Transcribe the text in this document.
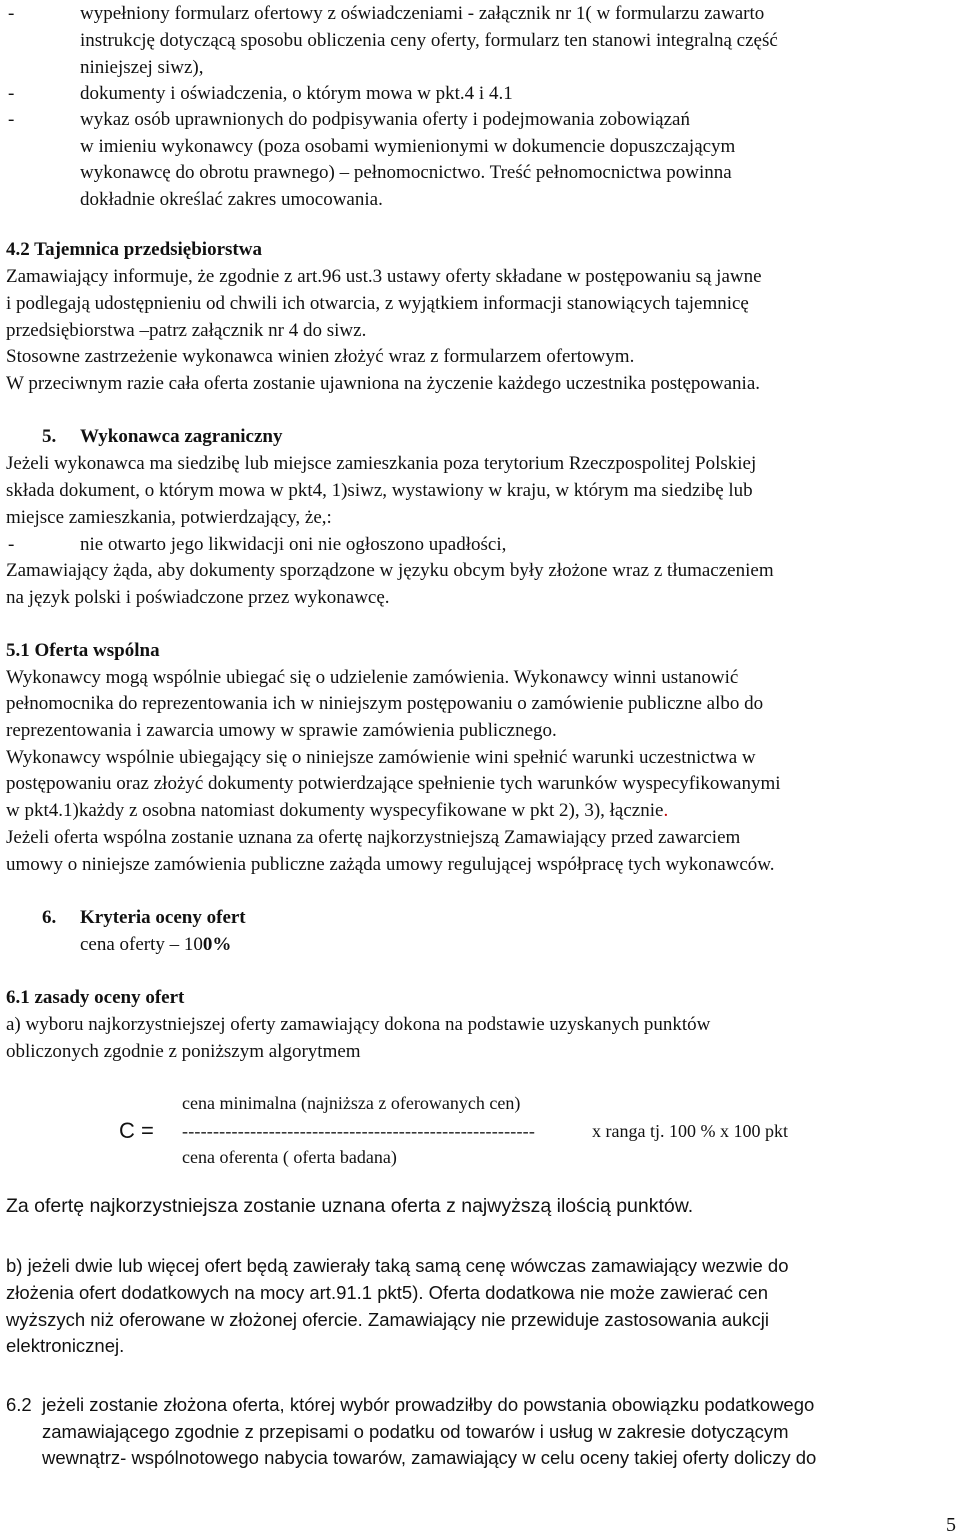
-	wypełniony formularz ofertowy z oświadczeniami - załącznik nr 1( w formularzu zawarto
instrukcję dotyczącą sposobu obliczenia ceny oferty, formularz ten stanowi integralną część
niniejszej siwz),
-	dokumenty i oświadczenia, o którym mowa w pkt.4 i 4.1
-	wykaz osób uprawnionych do podpisywania oferty i podejmowania zobowiązań
w imieniu wykonawcy (poza osobami wymienionymi w dokumencie dopuszczającym
wykonawcę do obrotu prawnego) – pełnomocnictwo. Treść pełnomocnictwa powinna
dokładnie określać zakres umocowania.
4.2 Tajemnica przedsiębiorstwa
Zamawiający informuje, że zgodnie z art.96 ust.3 ustawy oferty składane w postępowaniu są jawne
i podlegają udostępnieniu od chwili ich otwarcia, z wyjątkiem informacji stanowiących tajemnicę
przedsiębiorstwa –patrz załącznik nr 4 do siwz.
Stosowne zastrzeżenie wykonawca winien złożyć wraz z formularzem ofertowym.
W przeciwnym razie cała oferta zostanie ujawniona na życzenie każdego uczestnika postępowania.
5. Wykonawca zagraniczny
Jeżeli wykonawca ma siedzibę lub miejsce zamieszkania poza terytorium Rzeczpospolitej Polskiej
składa dokument, o którym mowa w pkt4, 1)siwz, wystawiony w kraju, w którym ma siedzibę lub
miejsce zamieszkania, potwierdzający, że,:
-	nie otwarto jego likwidacji oni nie ogłoszono upadłości,
Zamawiający żąda, aby dokumenty sporządzone w języku obcym były złożone wraz z tłumaczeniem
na język polski i poświadczone przez wykonawcę.
5.1 Oferta wspólna
Wykonawcy mogą wspólnie ubiegać się o udzielenie zamówienia. Wykonawcy winni ustanowić
pełnomocnika do reprezentowania ich w niniejszym postępowaniu o zamówienie publiczne albo do
reprezentowania i zawarcia umowy w sprawie zamówienia publicznego.
Wykonawcy wspólnie ubiegający się o niniejsze zamówienie wini spełnić warunki uczestnictwa w
postępowaniu oraz złożyć dokumenty potwierdzające spełnienie tych warunków wyspecyfikowanymi
w pkt4.1)każdy z osobna natomiast dokumenty wyspecyfikowane w pkt 2), 3), łącznie.
Jeżeli oferta wspólna zostanie uznana za ofertę najkorzystniejszą Zamawiający przed zawarciem
umowy o niniejsze zamówienia publiczne zażąda umowy regulującej współpracę tych wykonawców.
6. Kryteria oceny ofert
cena oferty – 100%
6.1 zasady oceny ofert
a) wyboru najkorzystniejszej oferty zamawiający dokona na podstawie uzyskanych punktów
obliczonych zgodnie z poniższym algorytmem
cena minimalna (najniższa z oferowanych cen)
C = ---------------------------------------------------------	x ranga tj. 100 % x 100 pkt
cena oferenta ( oferta badana)
Za ofertę najkorzystniejsza zostanie uznana oferta z najwyższą ilością punktów.
b) jeżeli dwie lub więcej ofert będą zawierały taką samą cenę wówczas zamawiający wezwie do
złożenia ofert dodatkowych na mocy art.91.1 pkt5). Oferta dodatkowa nie może zawierać cen
wyższych niż oferowane w złożonej ofercie. Zamawiający nie przewiduje zastosowania aukcji
elektronicznej.
6.2 jeżeli zostanie złożona oferta, której wybór prowadziłby do powstania obowiązku podatkowego
zamawiającego zgodnie z przepisami o podatku od towarów i usług w zakresie dotyczącym
wewnątrz- wspólnotowego nabycia towarów, zamawiający w celu oceny takiej oferty doliczy do
5
